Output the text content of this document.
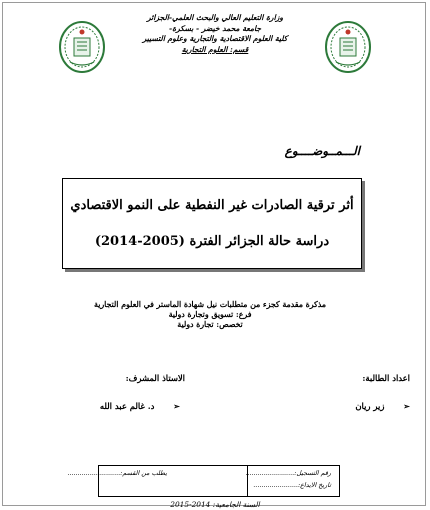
وزارة التعليم العالي والبحث العلمي-الجزائر
جامعة محمد خيضر - بسكرة-
كلية العلوم الاقتصادية والتجارية وعلوم التسيير
قسم: العلوم التجارية
الـــمــوضــــوع
أثر ترقية الصادرات غير النفطية على النمو الاقتصادي
دراسة حالة الجزائر الفترة (2005-2014)
مذكرة مقدمة كجزء من متطلبات نيل شهادة الماستر في العلوم التجارية
فرع: تسويق وتجارة دولية
تخصص: تجارة دولية
اعداد الطالبة:
الاستاذ المشرف:
➢ زير ريان
➢ د. غالم عبد الله
رقم التسجيل:........................
تاريخ الايداع:......................
يطلب من القسم:..........................
السنة الجامعية: 2014-2015
